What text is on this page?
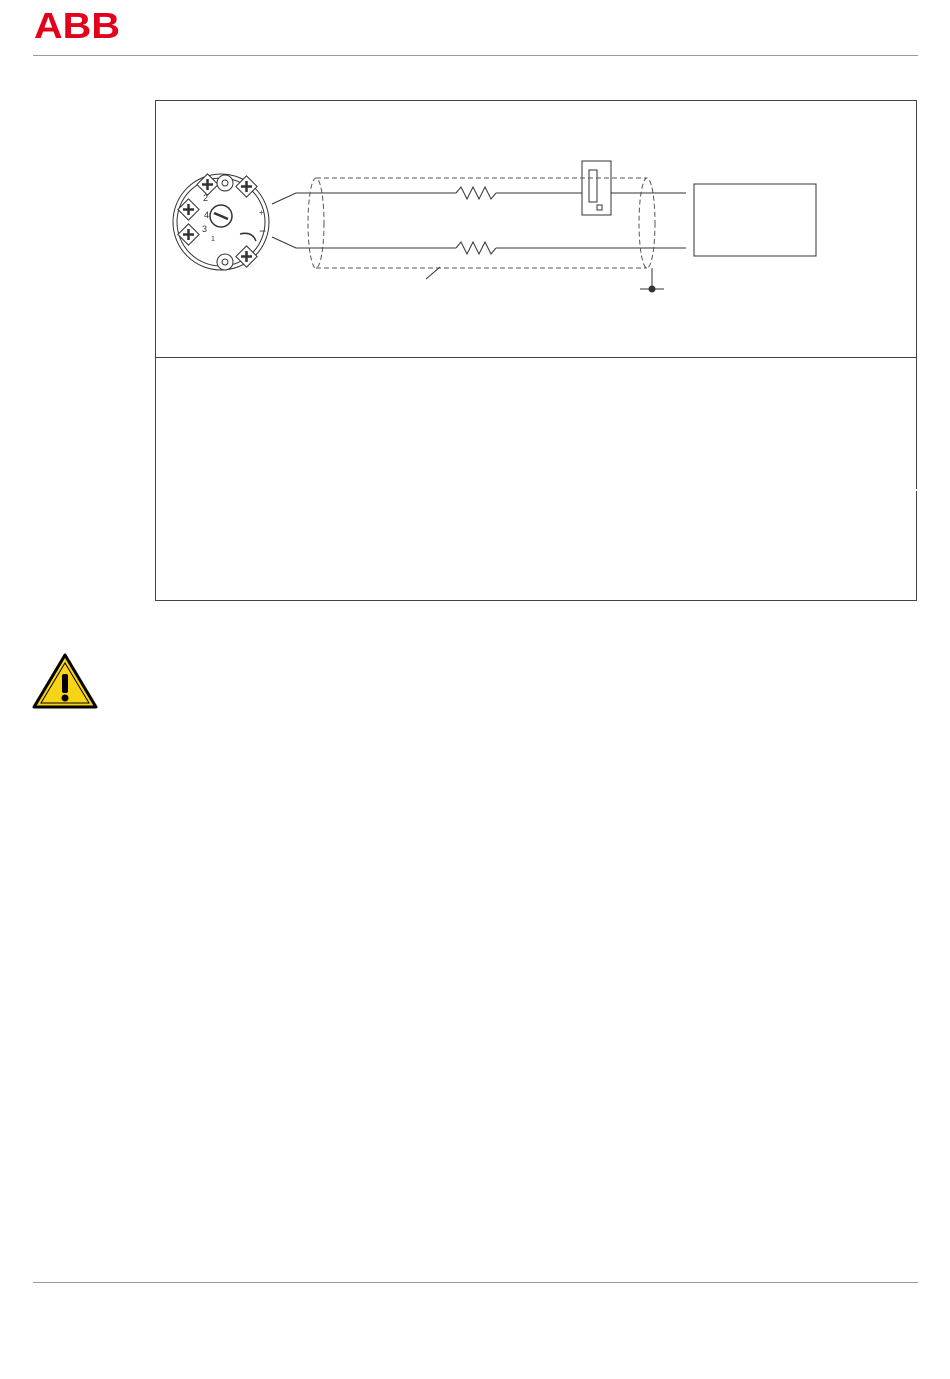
ABB
2
4
3
1
+
−
